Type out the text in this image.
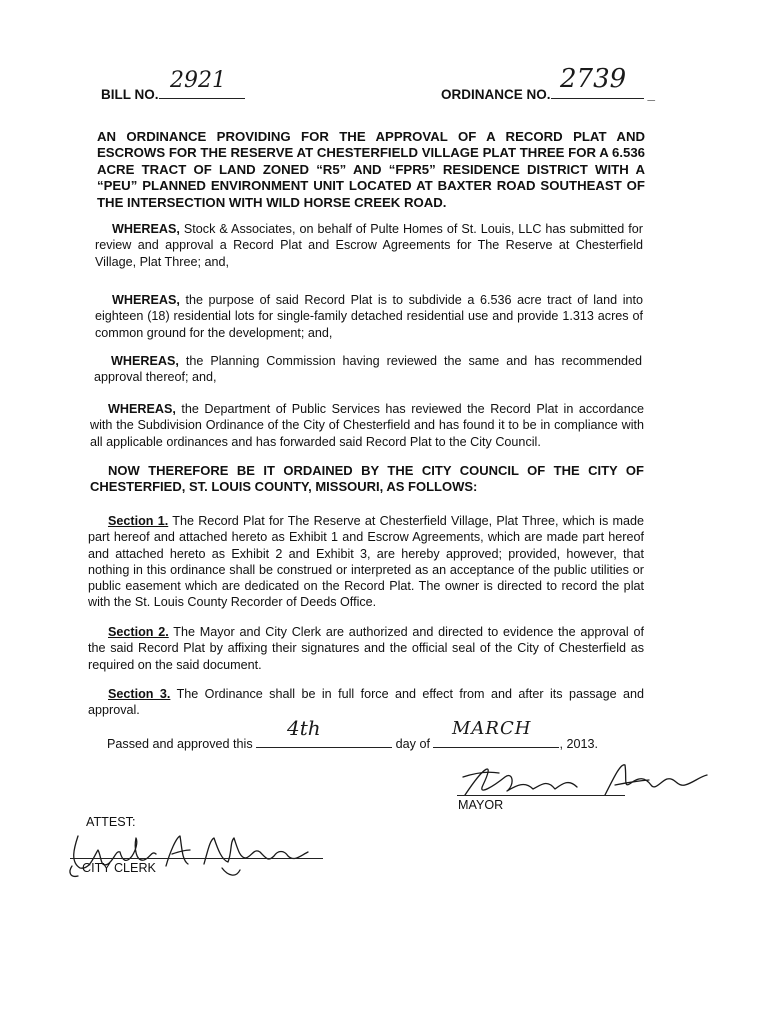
BILL NO.
2921
ORDINANCE NO.	_
2739
AN ORDINANCE PROVIDING FOR THE APPROVAL OF A RECORD PLAT AND ESCROWS FOR THE RESERVE AT CHESTERFIELD VILLAGE PLAT THREE FOR A 6.536 ACRE TRACT OF LAND ZONED “R5” AND “FPR5” RESIDENCE DISTRICT WITH A “PEU” PLANNED ENVIRONMENT UNIT LOCATED AT BAXTER ROAD SOUTHEAST OF THE INTERSECTION WITH WILD HORSE CREEK ROAD.
WHEREAS, Stock & Associates, on behalf of Pulte Homes of St. Louis, LLC has submitted for review and approval a Record Plat and Escrow Agreements for The Reserve at Chesterfield Village, Plat Three; and,
WHEREAS, the purpose of said Record Plat is to subdivide a 6.536 acre tract of land into eighteen (18) residential lots for single-family detached residential use and provide 1.313 acres of common ground for the development; and,
WHEREAS, the Planning Commission having reviewed the same and has recommended approval thereof; and,
WHEREAS, the Department of Public Services has reviewed the Record Plat in accordance with the Subdivision Ordinance of the City of Chesterfield and has found it to be in compliance with all applicable ordinances and has forwarded said Record Plat to the City Council.
NOW THEREFORE BE IT ORDAINED BY THE CITY COUNCIL OF THE CITY OF CHESTERFIED, ST. LOUIS COUNTY, MISSOURI, AS FOLLOWS:
Section 1. The Record Plat for The Reserve at Chesterfield Village, Plat Three, which is made part hereof and attached hereto as Exhibit 1 and Escrow Agreements, which are made part hereof and attached hereto as Exhibit 2 and Exhibit 3, are hereby approved; provided, however, that nothing in this ordinance shall be construed or interpreted as an acceptance of the public utilities or public easement which are dedicated on the Record Plat. The owner is directed to record the plat with the St. Louis County Recorder of Deeds Office.
Section 2. The Mayor and City Clerk are authorized and directed to evidence the approval of the said Record Plat by affixing their signatures and the official seal of the City of Chesterfield as required on the said document.
Section 3. The Ordinance shall be in full force and effect from and after its passage and approval.
Passed and approved this	day of	, 2013.
4th	MARCH
MAYOR
ATTEST:
CITY CLERK
